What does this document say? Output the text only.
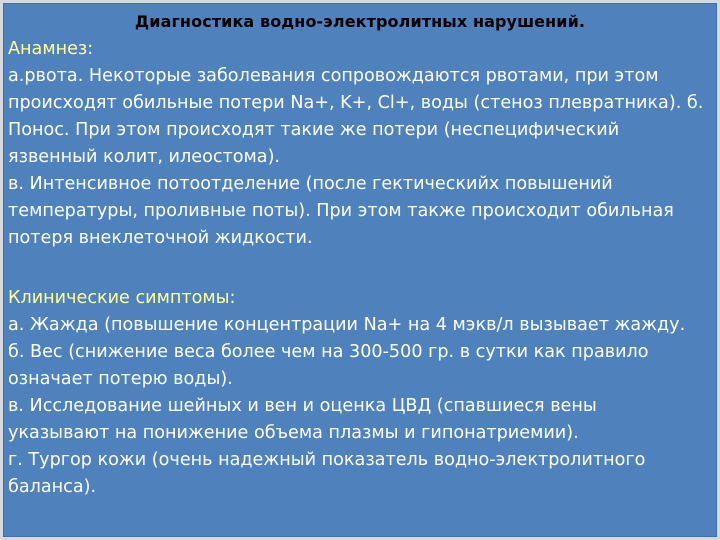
Диагностика водно-электролитных нарушений.
Анамнез:
а.рвота. Некоторые заболевания сопровождаются рвотами, при этом
происходят обильные потери Na+, K+, Cl+, воды (стеноз плевратника). б.
Понос. При этом происходят такие же потери (неспецифический
язвенный колит, илеостома).
в. Интенсивное потоотделение (после гектическийх повышений
температуры, проливные поты). При этом также происходит обильная
потеря внеклеточной жидкости.
Клинические симптомы:
а. Жажда (повышение концентрации Na+ на 4 мэкв/л вызывает жажду.
б. Вес (снижение веса более чем на 300-500 гр. в сутки как правило
означает потерю воды).
в. Исследование шейных и вен и оценка ЦВД (спавшиеся вены
указывают на понижение объема плазмы и гипонатриемии).
г. Тургор кожи (очень надежный показатель водно-электролитного
баланса).
